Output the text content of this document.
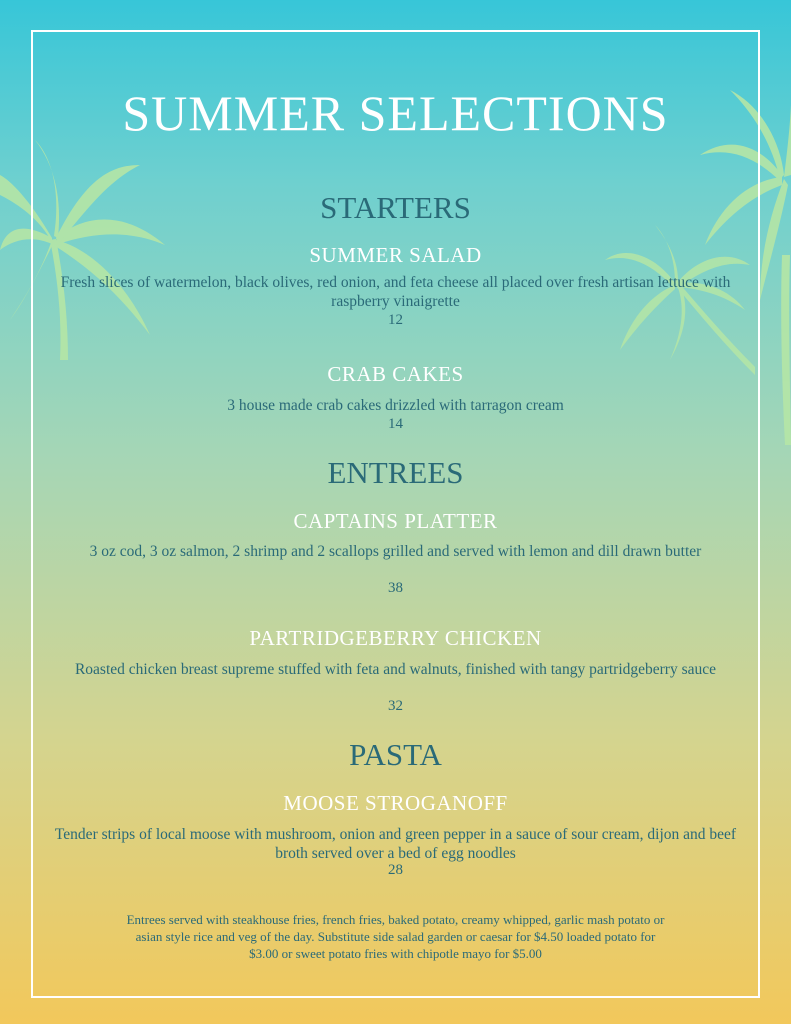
SUMMER SELECTIONS
STARTERS
SUMMER SALAD
Fresh slices of watermelon, black olives, red onion, and feta cheese all placed over fresh artisan lettuce with raspberry vinaigrette
12
CRAB CAKES
3 house made crab cakes drizzled with tarragon cream
14
ENTREES
CAPTAINS PLATTER
3 oz cod, 3 oz salmon, 2 shrimp and 2 scallops grilled and served with lemon and dill drawn butter
38
PARTRIDGEBERRY CHICKEN
Roasted chicken breast supreme stuffed with feta and walnuts, finished with tangy partridgeberry sauce
32
PASTA
MOOSE STROGANOFF
Tender strips of local moose with mushroom, onion and green pepper in a sauce of sour cream, dijon and beef broth served over a bed of egg noodles
28
Entrees served with steakhouse fries, french fries, baked potato, creamy whipped, garlic mash potato or asian style rice and veg of the day. Substitute side salad garden or caesar for $4.50 loaded potato for $3.00 or sweet potato fries with chipotle mayo for $5.00
